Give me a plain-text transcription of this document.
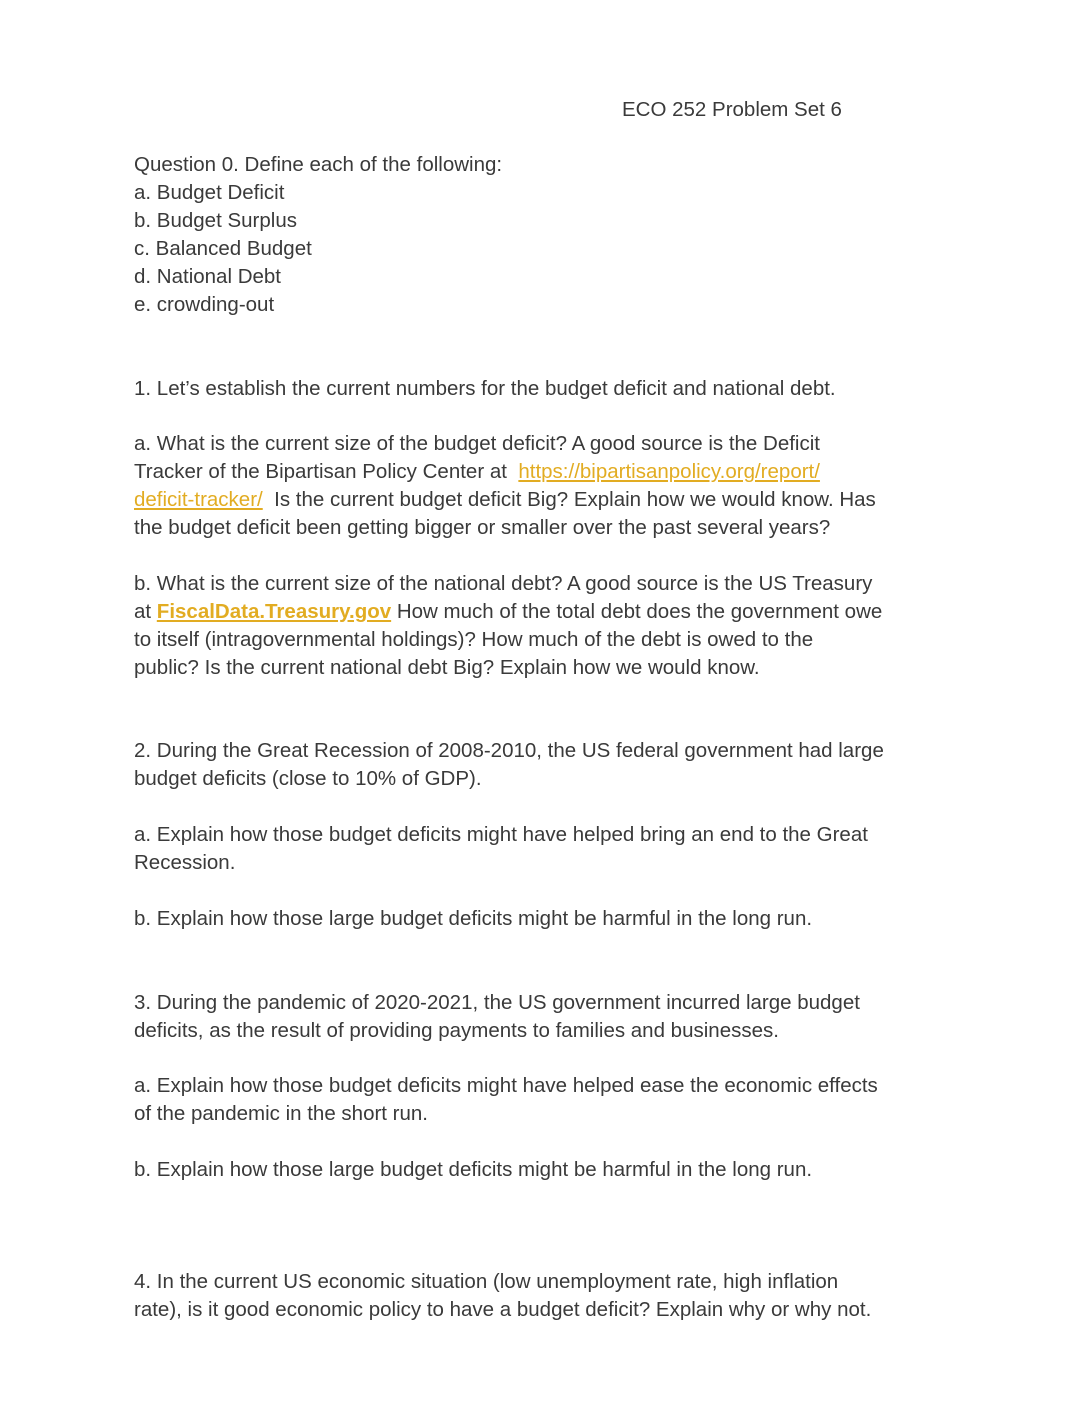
ECO 252 Problem Set 6
Question 0. Define each of the following:
a. Budget Deficit
b. Budget Surplus
c. Balanced Budget
d. National Debt
e. crowding-out
1. Let’s establish the current numbers for the budget deficit and national debt.
a. What is the current size of the budget deficit? A good source is the Deficit
Tracker of the Bipartisan Policy Center at  https://bipartisanpolicy.org/report/
deficit-tracker/  Is the current budget deficit Big? Explain how we would know. Has
the budget deficit been getting bigger or smaller over the past several years?
b. What is the current size of the national debt? A good source is the US Treasury
at FiscalData.Treasury.gov How much of the total debt does the government owe
to itself (intragovernmental holdings)? How much of the debt is owed to the
public? Is the current national debt Big? Explain how we would know.
2. During the Great Recession of 2008-2010, the US federal government had large
budget deficits (close to 10% of GDP).
a. Explain how those budget deficits might have helped bring an end to the Great
Recession.
b. Explain how those large budget deficits might be harmful in the long run.
3. During the pandemic of 2020-2021, the US government incurred large budget
deficits, as the result of providing payments to families and businesses.
a. Explain how those budget deficits might have helped ease the economic effects
of the pandemic in the short run.
b. Explain how those large budget deficits might be harmful in the long run.
4. In the current US economic situation (low unemployment rate, high inflation
rate), is it good economic policy to have a budget deficit? Explain why or why not.
